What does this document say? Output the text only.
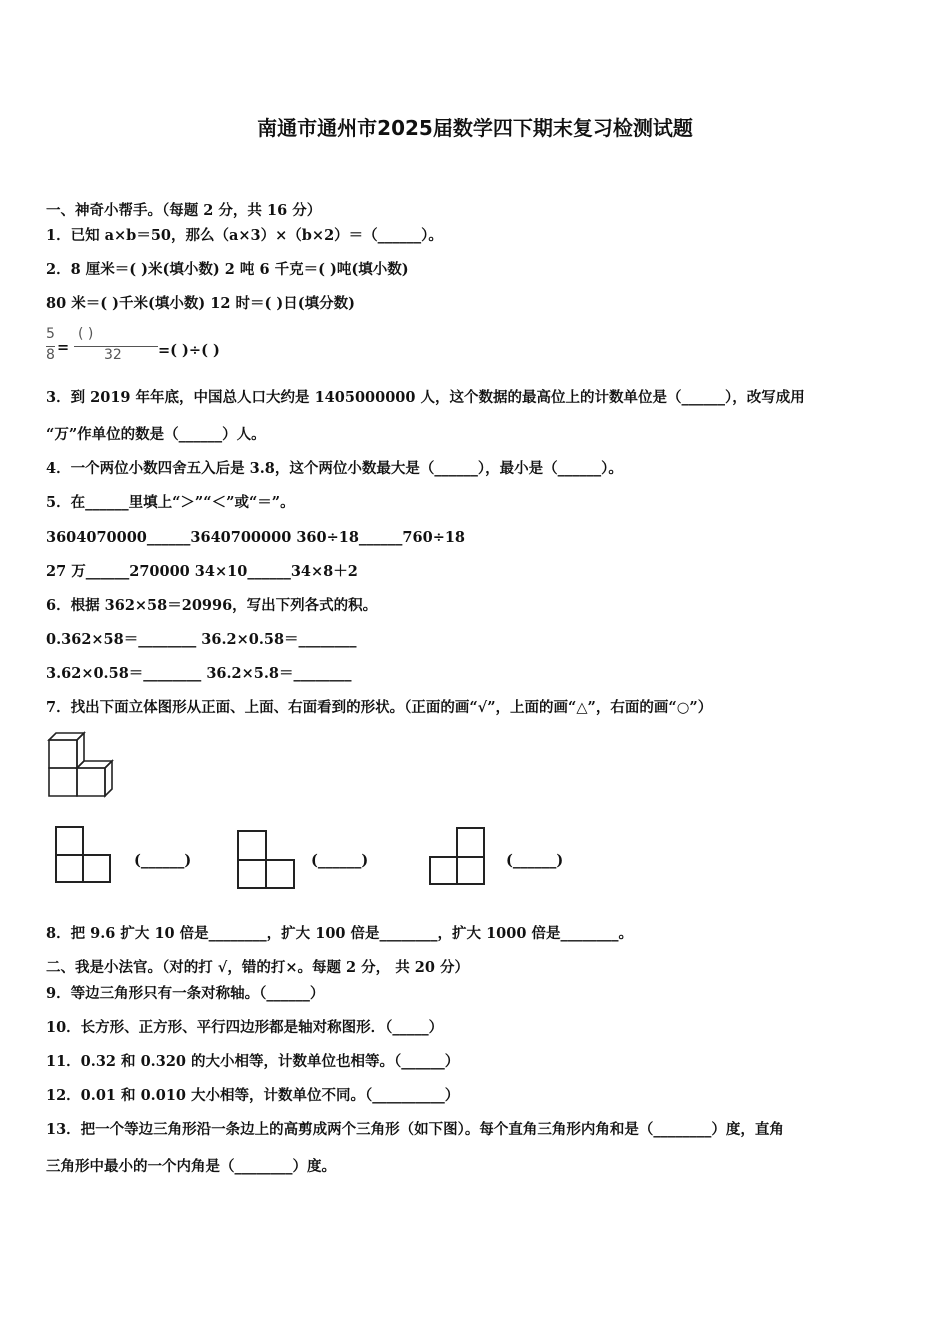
南通市通州市2025届数学四下期末复习检测试题
一、神奇小帮手。（每题 2 分，共 16 分）
1．已知 a×b＝50，那么（a×3）×（b×2）＝（______）。
2．8 厘米＝( )米(填小数) 2 吨 6 千克＝( )吨(填小数)
80 米＝( )千米(填小数) 12 时＝( )日(填分数)
5
8 =
( )
32 =( )÷( )
3．到 2019 年年底，中国总人口大约是 1405000000 人，这个数据的最高位上的计数单位是（______），改写成用
“万”作单位的数是（______）人。
4．一个两位小数四舍五入后是 3.8，这个两位小数最大是（______），最小是（______）。
5．在______里填上“＞”“＜”或“＝”。
3604070000______3640700000 360÷18______760÷18
27 万______270000 34×10______34×8＋2
6．根据 362×58＝20996，写出下列各式的积。
0.362×58＝________ 36.2×0.58＝________
3.62×0.58＝________ 36.2×5.8＝________
7．找出下面立体图形从正面、上面、右面看到的形状。（正面的画“√”，上面的画“△”，右面的画“○”）
(______)	(______)	(______)
8．把 9.6 扩大 10 倍是________，扩大 100 倍是________，扩大 1000 倍是________。
二、我是小法官。（对的打 √，错的打×。每题 2 分， 共 20 分）
9．等边三角形只有一条对称轴。（______）
10．长方形、正方形、平行四边形都是轴对称图形．（_____）
11．0.32 和 0.320 的大小相等，计数单位也相等。（______）
12．0.01 和 0.010 大小相等，计数单位不同。（__________）
13．把一个等边三角形沿一条边上的高剪成两个三角形（如下图）。每个直角三角形内角和是（________）度，直角
三角形中最小的一个内角是（________）度。
